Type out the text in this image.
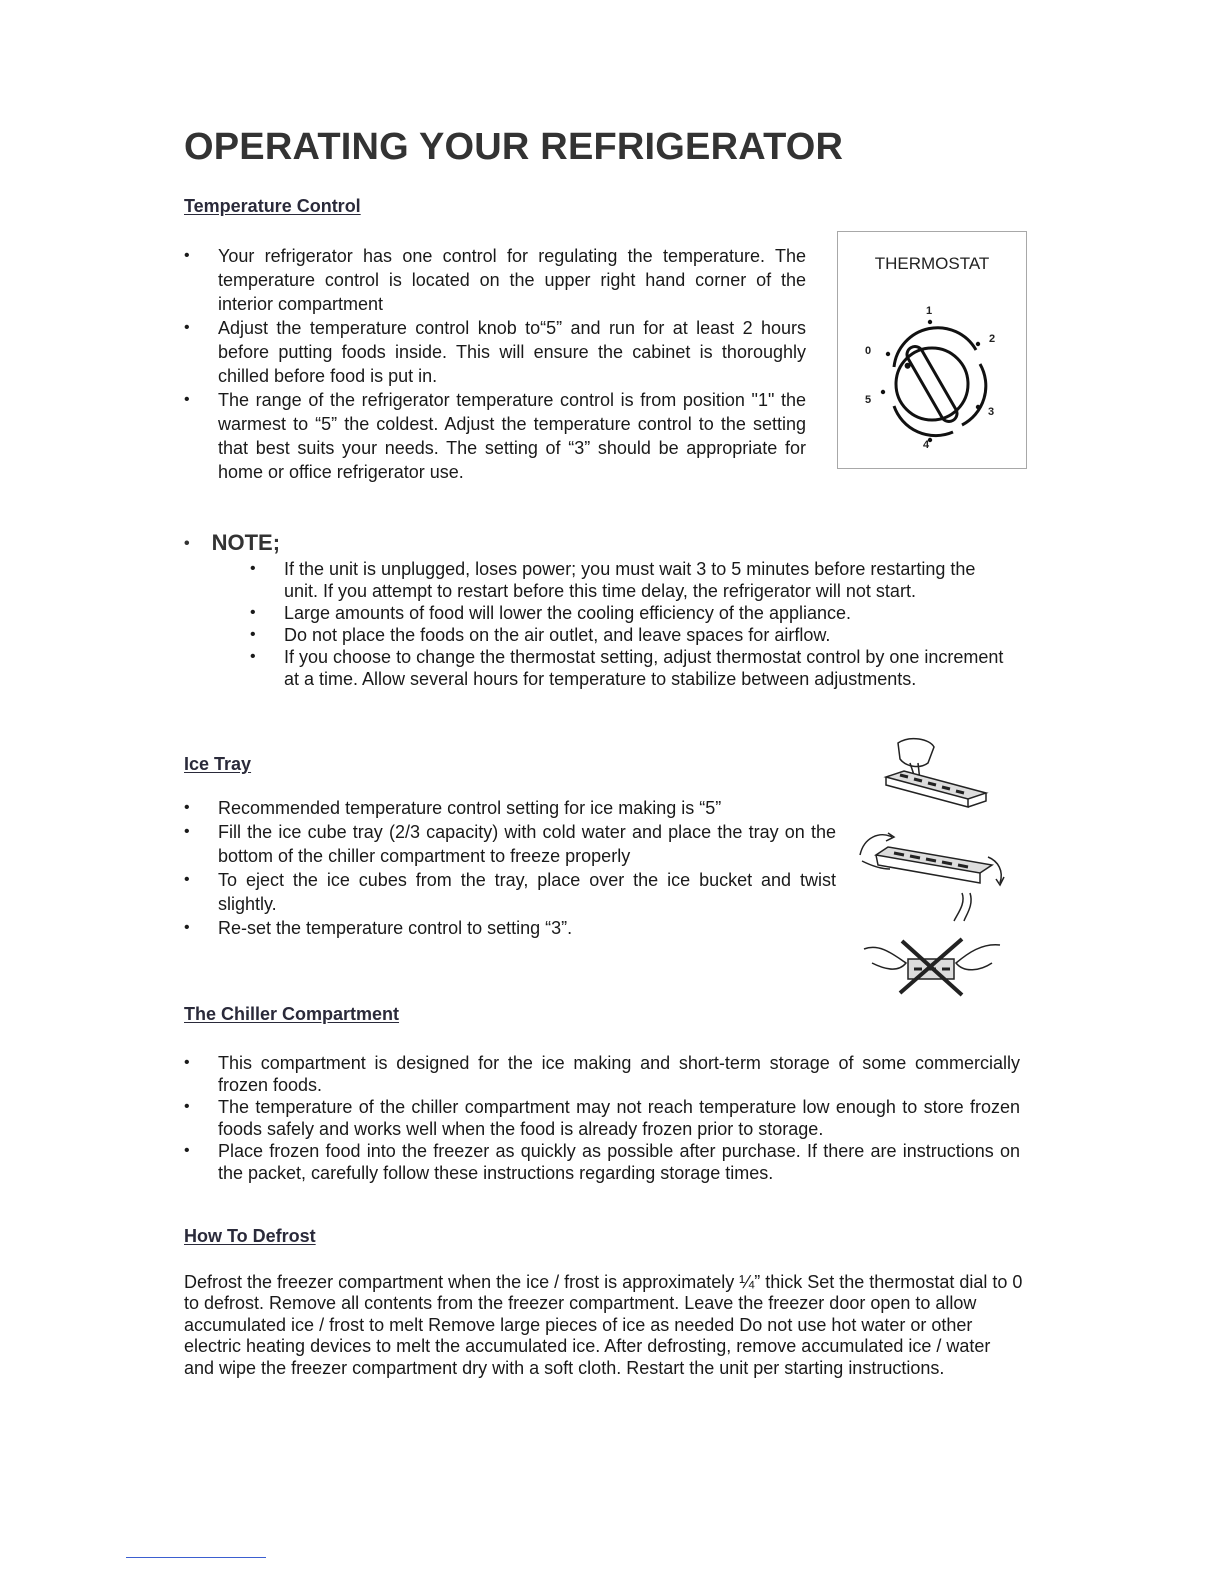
OPERATING YOUR REFRIGERATOR
Temperature Control
• Your refrigerator has one control for regulating the temperature. The temperature control is located on the upper right hand corner of the interior compartment
• Adjust the temperature control knob to“5” and run for at least 2 hours before putting foods inside. This will ensure the cabinet is thoroughly chilled before food is put in.
• The range of the refrigerator temperature control is from position "1" the warmest to “5” the coldest. Adjust the temperature control to the setting that best suits your needs. The setting of “3” should be appropriate for home or office refrigerator use.
THERMOSTAT
1
0
2
5
3
4
• NOTE;
• If the unit is unplugged, loses power; you must wait 3 to 5 minutes before restarting the unit. If you attempt to restart before this time delay, the refrigerator will not start.
• Large amounts of food will lower the cooling efficiency of the appliance.
• Do not place the foods on the air outlet, and leave spaces for airflow.
• If you choose to change the thermostat setting, adjust thermostat control by one increment at a time. Allow several hours for temperature to stabilize between adjustments.
Ice Tray
• Recommended temperature control setting for ice making is “5”
• Fill the ice cube tray (2/3 capacity) with cold water and place the tray on the bottom of the chiller compartment to freeze properly
• To eject the ice cubes from the tray, place over the ice bucket and twist slightly.
• Re-set the temperature control to setting “3”.
The Chiller Compartment
• This compartment is designed for the ice making and short-term storage of some commercially frozen foods.
• The temperature of the chiller compartment may not reach temperature low enough to store frozen foods safely and works well when the food is already frozen prior to storage.
• Place frozen food into the freezer as quickly as possible after purchase. If there are instructions on the packet, carefully follow these instructions regarding storage times.
How To Defrost

Defrost the freezer compartment when the ice / frost is approximately ¼” thick Set the thermostat dial to 0 to defrost. Remove all contents from the freezer compartment. Leave the freezer door open to allow accumulated ice / frost to melt Remove large pieces of ice as needed Do not use hot water or other electric heating devices to melt the accumulated ice. After defrosting, remove accumulated ice / water and wipe the freezer compartment dry with a soft cloth. Restart the unit per starting instructions.
